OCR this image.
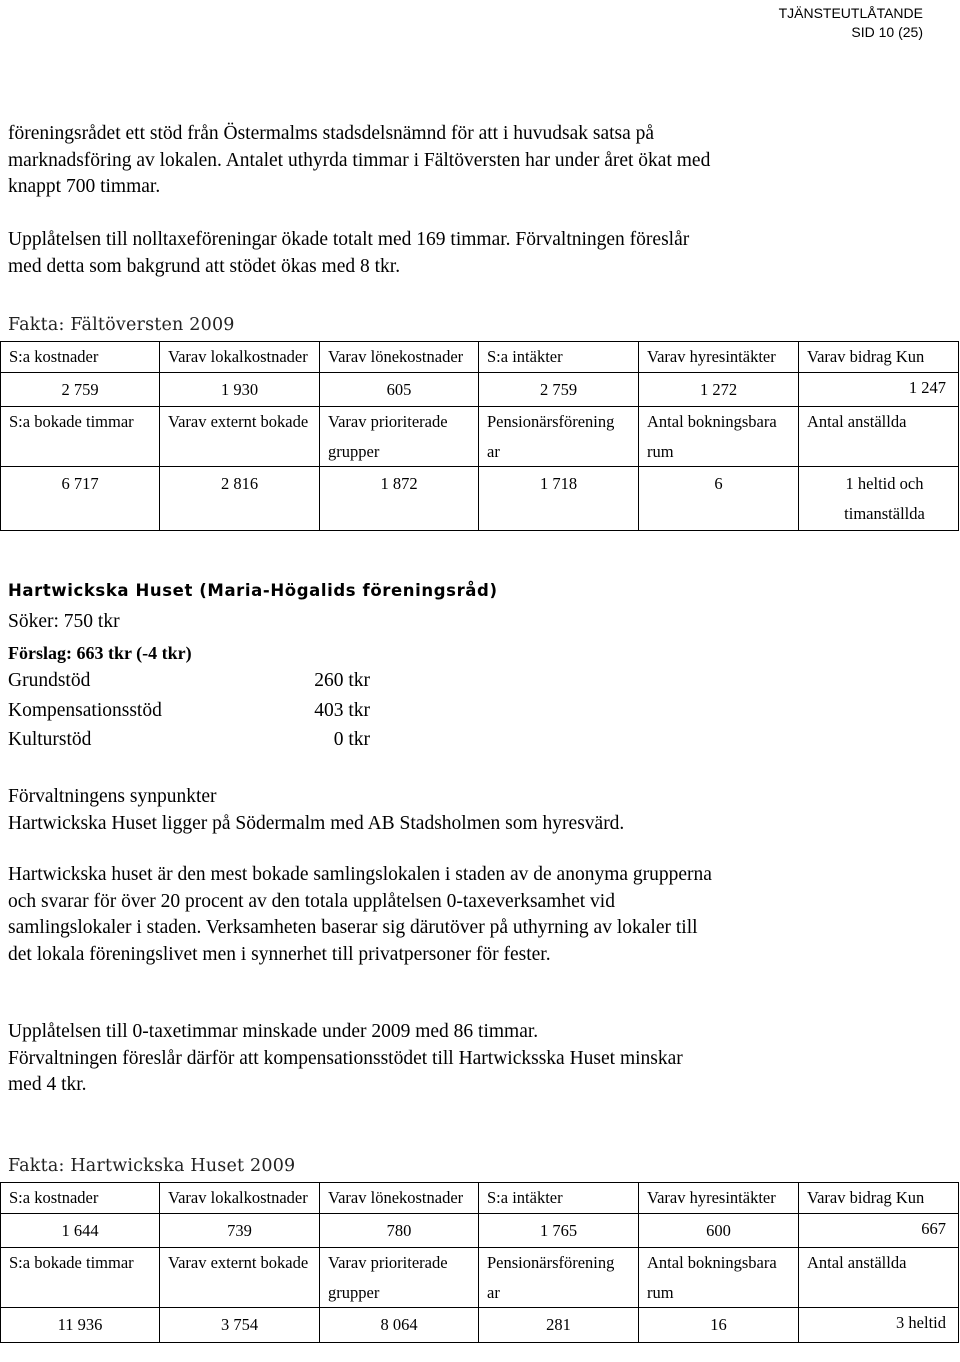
TJÄNSTEUTLÅTANDE
SID 10 (25)
föreningsrådet ett stöd från Östermalms stadsdelsnämnd för att i huvudsak satsa på
marknadsföring av lokalen. Antalet uthyrda timmar i Fältöversten har under året ökat med
knappt 700 timmar.
Upplåtelsen till nolltaxeföreningar ökade totalt med 169 timmar. Förvaltningen föreslår
med detta som bakgrund att stödet ökas med 8 tkr.
Fakta: Fältöversten 2009
S:a kostnader	Varav lokalkostnader	Varav lönekostnader	S:a intäkter	Varav hyresintäkter	Varav bidrag Kun
2 759	1 930	605	2 759	1 272	1 247
S:a bokade timmar	Varav externt bokade	Varav prioriterade grupper	Pensionärsförening ar	Antal bokningsbara rum	Antal anställda
6 717	2 816	1 872	1 718	6	1 heltid och timanställda
Hartwickska Huset (Maria-Högalids föreningsråd)
Söker: 750 tkr
Förslag: 663 tkr (-4 tkr)
Grundstöd	260 tkr
Kompensationsstöd	403 tkr
Kulturstöd	0 tkr
Förvaltningens synpunkter
Hartwickska Huset ligger på Södermalm med AB Stadsholmen som hyresvärd.
Hartwickska huset är den mest bokade samlingslokalen i staden av de anonyma grupperna
och svarar för över 20 procent av den totala upplåtelsen 0-taxeverksamhet vid
samlingslokaler i staden. Verksamheten baserar sig därutöver på uthyrning av lokaler till
det lokala föreningslivet men i synnerhet till privatpersoner för fester.
Upplåtelsen till 0-taxetimmar minskade under 2009 med 86 timmar.
Förvaltningen föreslår därför att kompensationsstödet till Hartwicksska Huset minskar
med 4 tkr.
Fakta: Hartwickska Huset 2009
S:a kostnader	Varav lokalkostnader	Varav lönekostnader	S:a intäkter	Varav hyresintäkter	Varav bidrag Kun
1 644	739	780	1 765	600	667
S:a bokade timmar	Varav externt bokade	Varav prioriterade grupper	Pensionärsförening ar	Antal bokningsbara rum	Antal anställda
11 936	3 754	8 064	281	16	3 heltid
